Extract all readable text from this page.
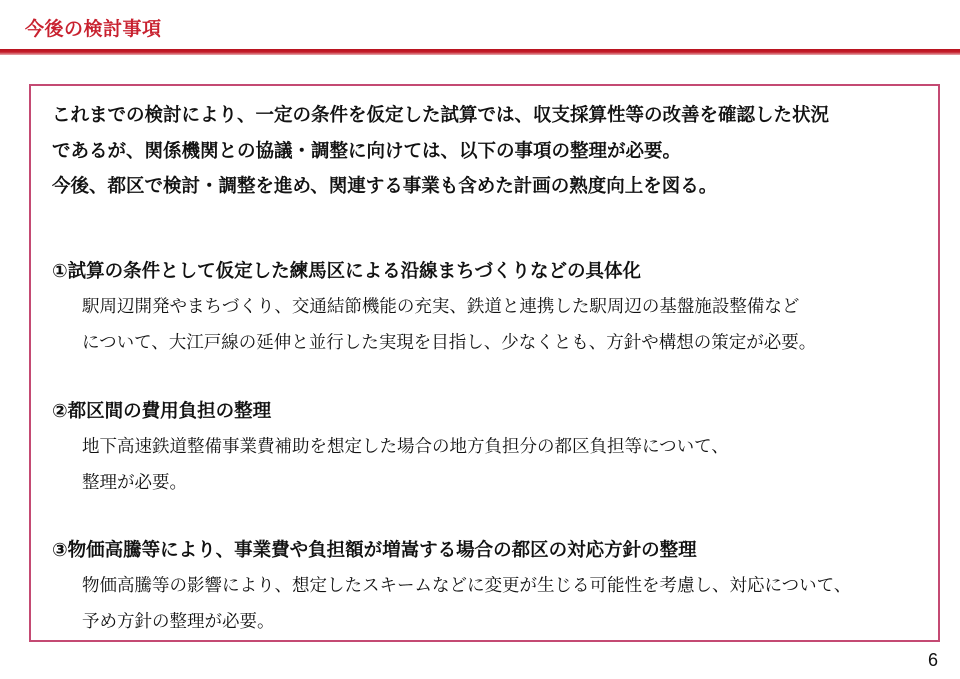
今後の検討事項
これまでの検討により、一定の条件を仮定した試算では、収支採算性等の改善を確認した状況
であるが、関係機関との協議・調整に向けては、以下の事項の整理が必要。
今後、都区で検討・調整を進め、関連する事業も含めた計画の熟度向上を図る。
①試算の条件として仮定した練馬区による沿線まちづくりなどの具体化
駅周辺開発やまちづくり、交通結節機能の充実、鉄道と連携した駅周辺の基盤施設整備など
について、大江戸線の延伸と並行した実現を目指し、少なくとも、方針や構想の策定が必要。
②都区間の費用負担の整理
地下高速鉄道整備事業費補助を想定した場合の地方負担分の都区負担等について、
整理が必要。
③物価高騰等により、事業費や負担額が増嵩する場合の都区の対応方針の整理
物価高騰等の影響により、想定したスキームなどに変更が生じる可能性を考慮し、対応について、
予め方針の整理が必要。
6
